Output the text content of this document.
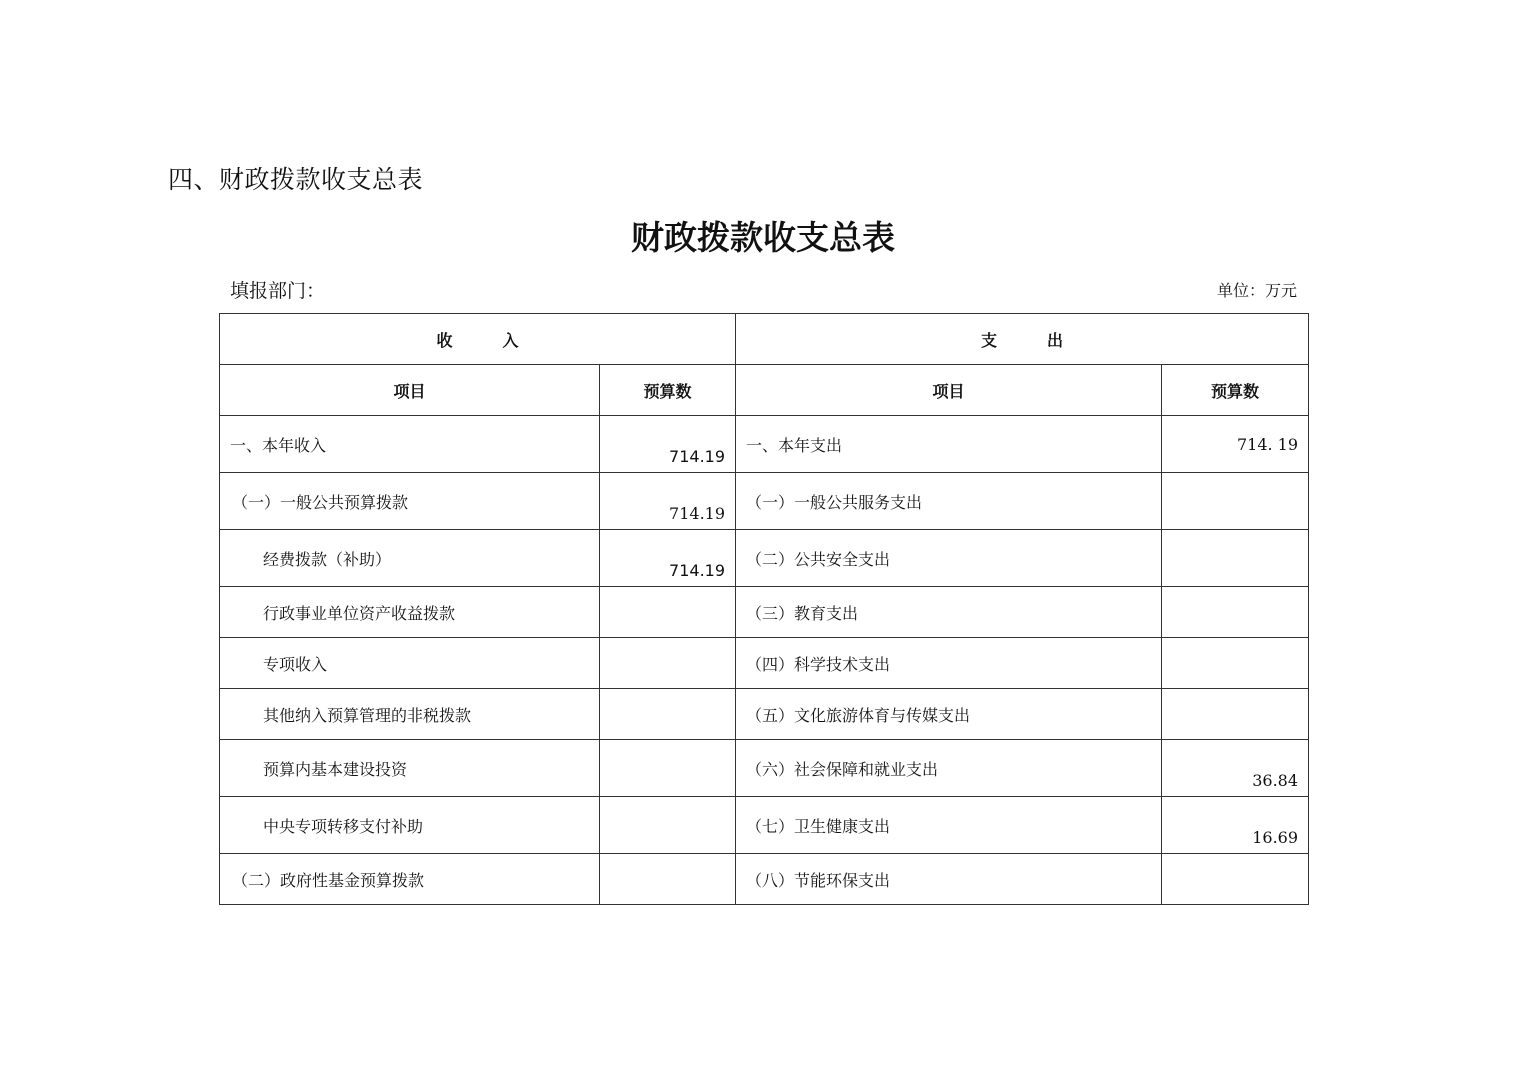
四、财政拨款收支总表
财政拨款收支总表
填报部门：	单位：万元
收入		支出	
项目	预算数	项目	预算数
一、本年收入	714.19	一、本年支出	714. 19
（一）一般公共预算拨款	714.19	（一）一般公共服务支出	
经费拨款（补助）	714.19	（二）公共安全支出	
行政事业单位资产收益拨款		（三）教育支出	
专项收入		（四）科学技术支出	
其他纳入预算管理的非税拨款		（五）文化旅游体育与传媒支出	
预算内基本建设投资		（六）社会保障和就业支出	36.84
中央专项转移支付补助		（七）卫生健康支出	16.69
（二）政府性基金预算拨款		（八）节能环保支出	
